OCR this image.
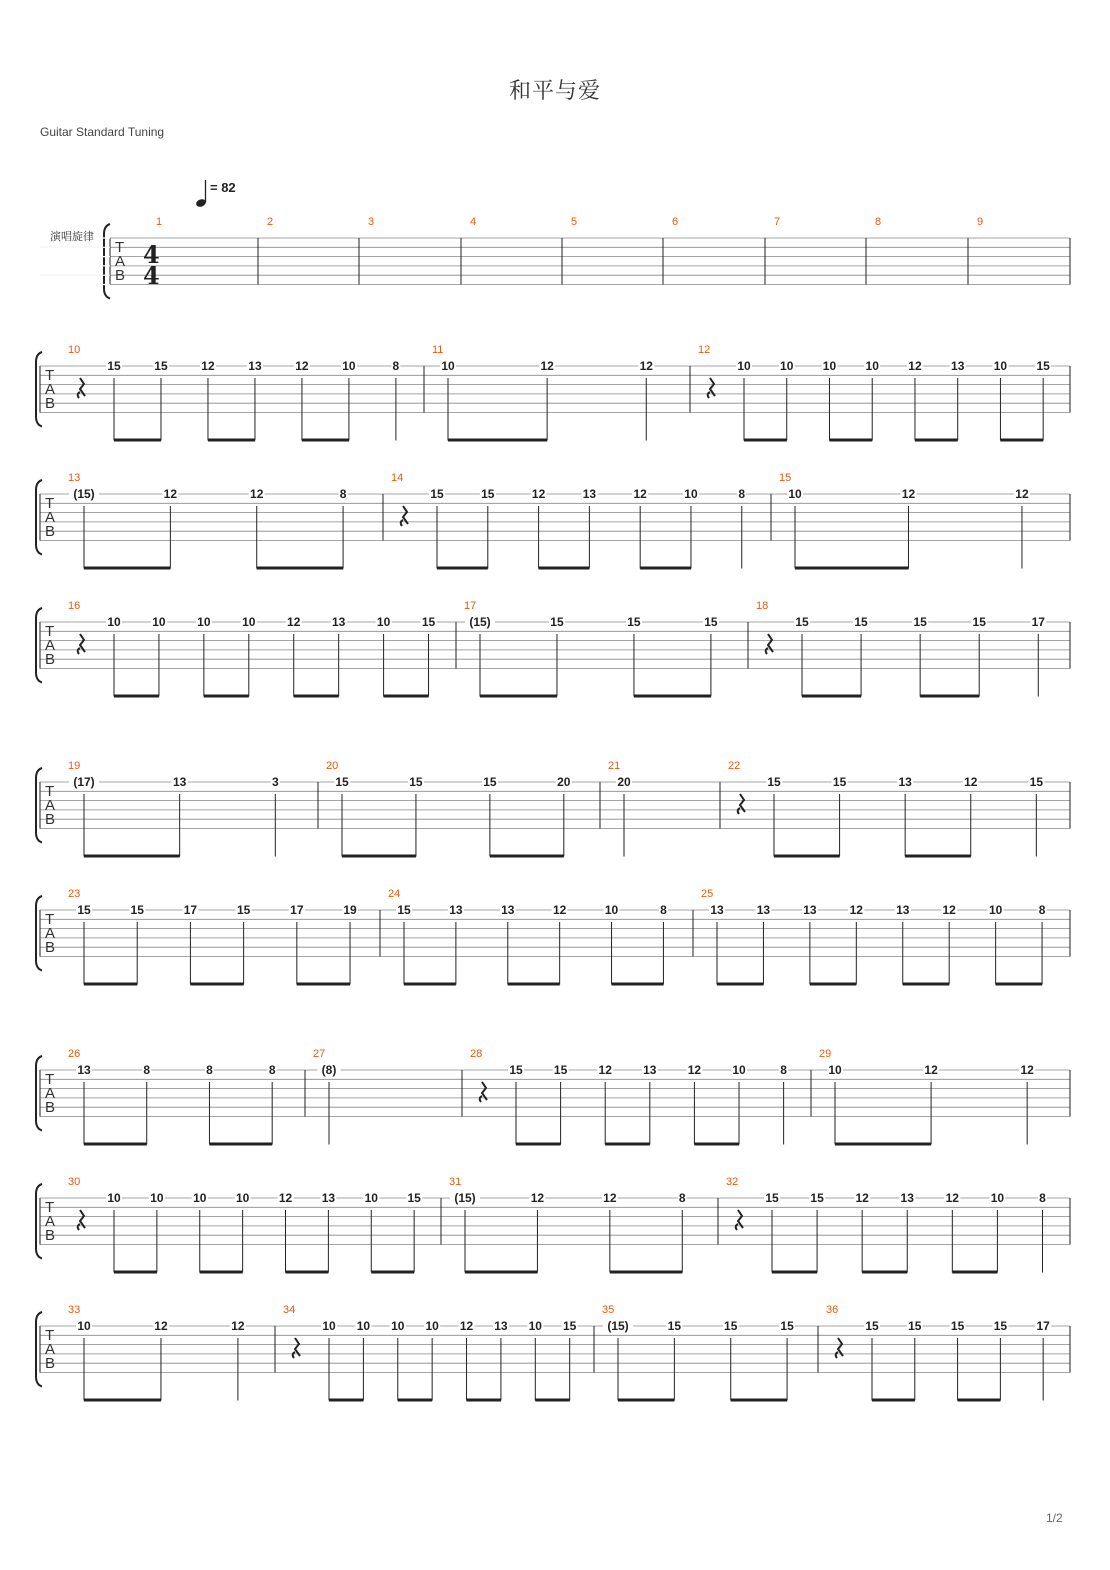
和平与爱
Guitar Standard Tuning
= 82
1/2
演唱旋律
T
A
B
4
4
1	2	3	4	5	6	7	8	9
T
A
B
10
15	15	12	13	12	10	8
11
10	12	12
12
10 10 10 10 12 13 10 15
T
A
B
13
(15)	12	12	8
14
15	15	12	13	12	10	8
15
10	12	12
T
A
B
16
10	10	10	10	12	13	10	15
17
(15)	15	15	15
18
15	15	15	15	17
T
A
B
19
(17)	13	3
20
15	15	15	20
21
20
22
15	15	13	12	15
T
A
B
23
15	15	17	15	17	19
24
15	13	13	12	10	8
25
13	13	13	12	13	12	10	8
T
A
B
26
13	8	8	8
27
(8)
28
15	15	12	13	12	10	8
29
10	12	12
T
A
B
30
10 10 10 10 12 13 10 15
31
(15)	12	12	8
32
15	15	12	13	12	10	8
T
A
B
33
10	12	12
34
10 10 10 10 12 13 10 15
35
(15)	15	15	15
36
15 15 15 15 17
